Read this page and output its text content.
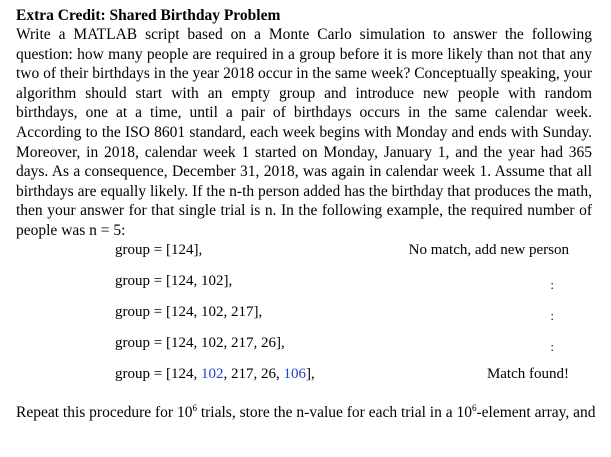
Extra Credit: Shared Birthday Problem

Write a MATLAB script based on a Monte Carlo simulation to answer the following question: how many people are required in a group before it is more likely than not that any two of their birthdays in the year 2018 occur in the same week? Conceptually speaking, your algorithm should start with an empty group and introduce new people with random birthdays, one at a time, until a pair of birthdays occurs in the same calendar week. According to the ISO 8601 standard, each week begins with Monday and ends with Sunday. Moreover, in 2018, calendar week 1 started on Monday, January 1, and the year had 365 days. As a consequence, December 31, 2018, was again in calendar week 1. Assume that all birthdays are equally likely. If the n-th person added has the birthday that produces the math, then your answer for that single trial is n. In the following example, the required number of people was n = 5:

group = [124],	No match, add new person
group = [124, 102],	:
group = [124, 102, 217],	:
group = [124, 102, 217, 26],	:
group = [124, 102, 217, 26, 106],	Match found!
Repeat this procedure for $10^6$ trials, store the n-value for each trial in a $10^6$-element array, and
